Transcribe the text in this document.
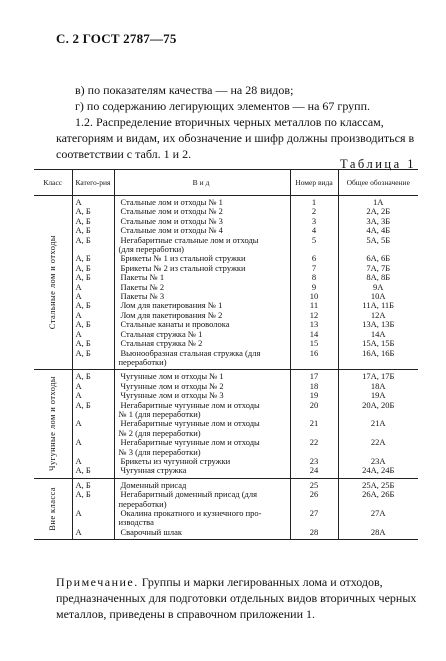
С. 2 ГОСТ 2787—75

в) по показателям качества — на 28 видов;

г) по содержанию легирующих элементов — на 67 групп.

1.2. Распределение вторичных черных металлов по классам, категориям и видам, их обозначение и шифр должны производиться в соответствии с табл. 1 и 2.

Таблица 1
Класс	Катего-рия	Вид	Номер вида	Общее обозначение
Стальные лом и отходы	А	Стальные лом и отходы № 1	1	1А
	А, Б	Стальные лом и отходы № 2	2	2А, 2Б
	А, Б	Стальные лом и отходы № 3	3	3А, 3Б
	А, Б	Стальные лом и отходы № 4	4	4А, 4Б
	А, Б	Негабаритные стальные лом и отходы	5	5А, 5Б
		(для переработки)		
	А, Б	Брикеты № 1 из стальной стружки	6	6А, 6Б
	А, Б	Брикеты № 2 из стальной стружки	7	7А, 7Б
	А, Б	Пакеты № 1	8	8А, 8Б
	А	Пакеты № 2	9	9А
	А	Пакеты № 3	10	10А
	А, Б	Лом для пакетирования № 1	11	11А, 11Б
	А	Лом для пакетирования № 2	12	12А
	А, Б	Стальные канаты и проволока	13	13А, 13Б
	А	Стальная стружка № 1	14	14А
	А, Б	Стальная стружка № 2	15	15А, 15Б
	А, Б	Вьюнообразная стальная стружка (для	16	16А, 16Б
		переработки)		
Чугунные лом и отходы	А, Б	Чугунные лом и отходы № 1	17	17А, 17Б
	А	Чугунные лом и отходы № 2	18	18А
	А	Чугунные лом и отходы № 3	19	19А
	А, Б	Негабаритные чугунные лом и отходы	20	20А, 20Б
		№ 1 (для переработки)		
	А	Негабаритные чугунные лом и отходы	21	21А
		№ 2 (для переработки)		
	А	Негабаритные чугунные лом и отходы	22	22А
		№ 3 (для переработки)		
	А	Брикеты из чугунной стружки	23	23А
	А, Б	Чугунная стружка	24	24А, 24Б
Вне класса	А, Б	Доменный присад	25	25А, 25Б
	А, Б	Негабаритный доменный присад (для	26	26А, 26Б
		переработки)		
	А	Окалина прокатного и кузнечного про-	27	27А
		изводства		
	А	Сварочный шлак	28	28А

Примечание. Группы и марки легированных лома и отходов, предназначенных для подготовки отдельных видов вторичных черных металлов, приведены в справочном приложении 1.
